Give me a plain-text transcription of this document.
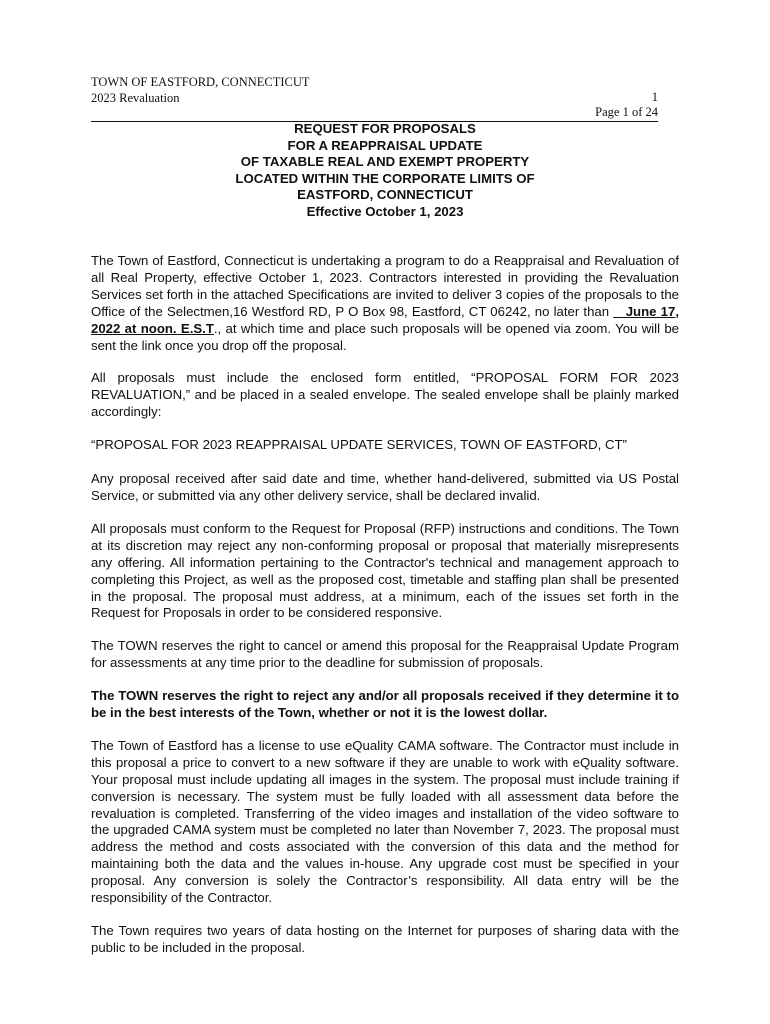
TOWN OF EASTFORD, CONNECTICUT
2023 Revaluation	1
Page 1 of 24
REQUEST FOR PROPOSALS
FOR A REAPPRAISAL UPDATE
OF TAXABLE REAL AND EXEMPT PROPERTY
LOCATED WITHIN THE CORPORATE LIMITS OF
EASTFORD, CONNECTICUT
Effective October 1, 2023

The Town of Eastford, Connecticut is undertaking a program to do a Reappraisal and Revaluation of all Real Property, effective October 1, 2023. Contractors interested in providing the Revaluation Services set forth in the attached Specifications are invited to deliver 3 copies of the proposals to the Office of the Selectmen,16 Westford RD, P O Box 98, Eastford, CT 06242, no later than    June 17, 2022 at noon. E.S.T., at which time and place such proposals will be opened via zoom. You will be sent the link once you drop off the proposal.

All proposals must include the enclosed form entitled, “PROPOSAL FORM FOR 2023 REVALUATION,” and be placed in a sealed envelope. The sealed envelope shall be plainly marked accordingly:

“PROPOSAL FOR 2023 REAPPRAISAL UPDATE SERVICES, TOWN OF EASTFORD, CT”

Any proposal received after said date and time, whether hand-delivered, submitted via US Postal Service, or submitted via any other delivery service, shall be declared invalid.

All proposals must conform to the Request for Proposal (RFP) instructions and conditions. The Town at its discretion may reject any non-conforming proposal or proposal that materially misrepresents any offering. All information pertaining to the Contractor's technical and management approach to completing this Project, as well as the proposed cost, timetable and staffing plan shall be presented in the proposal. The proposal must address, at a minimum, each of the issues set forth in the Request for Proposals in order to be considered responsive.

The TOWN reserves the right to cancel or amend this proposal for the Reappraisal Update Program for assessments at any time prior to the deadline for submission of proposals.

The TOWN reserves the right to reject any and/or all proposals received if they determine it to be in the best interests of the Town, whether or not it is the lowest dollar.

The Town of Eastford has a license to use eQuality CAMA software. The Contractor must include in this proposal a price to convert to a new software if they are unable to work with eQuality software. Your proposal must include updating all images in the system. The proposal must include training if conversion is necessary. The system must be fully loaded with all assessment data before the revaluation is completed. Transferring of the video images and installation of the video software to the upgraded CAMA system must be completed no later than November 7, 2023. The proposal must address the method and costs associated with the conversion of this data and the method for maintaining both the data and the values in-house. Any upgrade cost must be specified in your proposal. Any conversion is solely the Contractor’s responsibility. All data entry will be the responsibility of the Contractor.

The Town requires two years of data hosting on the Internet for purposes of sharing data with the public to be included in the proposal.
